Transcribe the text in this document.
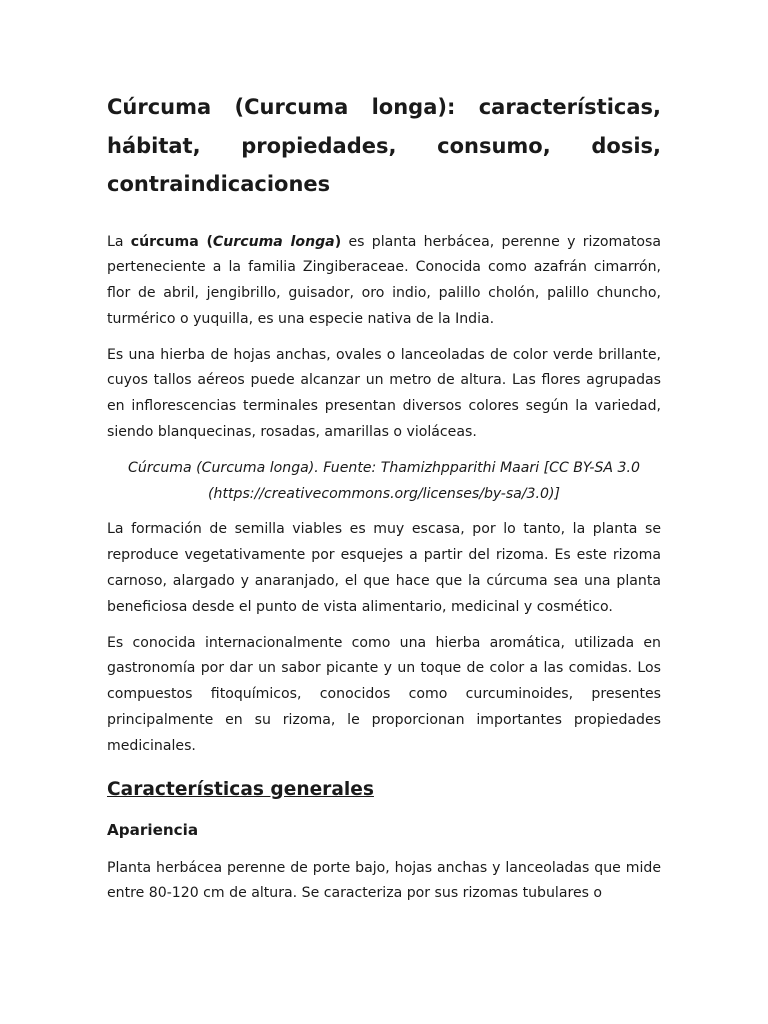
Cúrcuma (Curcuma longa): características, hábitat, propiedades, consumo, dosis, contraindicaciones

La cúrcuma (Curcuma longa) es planta herbácea, perenne y rizomatosa perteneciente a la familia Zingiberaceae. Conocida como azafrán cimarrón, flor de abril, jengibrillo, guisador, oro indio, palillo cholón, palillo chuncho, turmérico o yuquilla, es una especie nativa de la India.

Es una hierba de hojas anchas, ovales o lanceoladas de color verde brillante, cuyos tallos aéreos puede alcanzar un metro de altura. Las flores agrupadas en inflorescencias terminales presentan diversos colores según la variedad, siendo blanquecinas, rosadas, amarillas o violáceas.

Cúrcuma (Curcuma longa). Fuente: Thamizhpparithi Maari [CC BY-SA 3.0
(https://creativecommons.org/licenses/by-sa/3.0)]

La formación de semilla viables es muy escasa, por lo tanto, la planta se reproduce vegetativamente por esquejes a partir del rizoma. Es este rizoma carnoso, alargado y anaranjado, el que hace que la cúrcuma sea una planta beneficiosa desde el punto de vista alimentario, medicinal y cosmético.

Es conocida internacionalmente como una hierba aromática, utilizada en gastronomía por dar un sabor picante y un toque de color a las comidas. Los compuestos fitoquímicos, conocidos como curcuminoides, presentes principalmente en su rizoma, le proporcionan importantes propiedades medicinales.

Características generales
Apariencia

Planta herbácea perenne de porte bajo, hojas anchas y lanceoladas que mide entre 80-120 cm de altura. Se caracteriza por sus rizomas tubulares o
